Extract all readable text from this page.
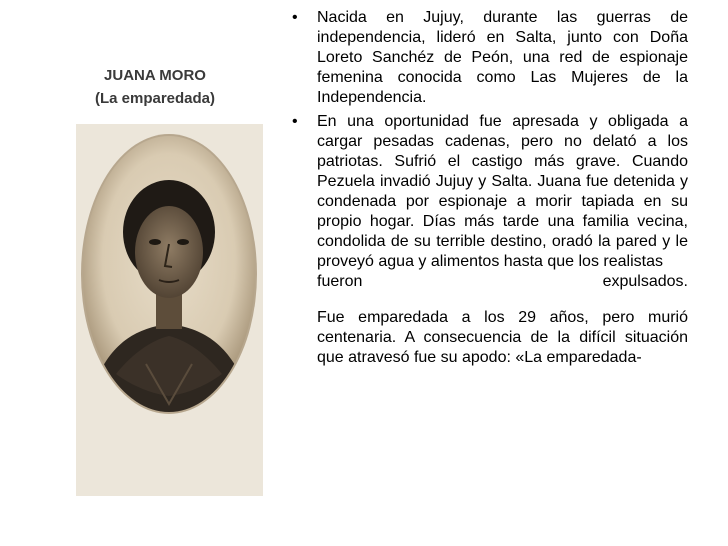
JUANA MORO
(La emparedada)
• Nacida en Jujuy, durante las guerras de independencia, lideró en Salta, junto con Doña Loreto Sanchéz de Peón, una red de espionaje femenina conocida como Las Mujeres de la Independencia.
• En una oportunidad fue apresada y obligada a cargar pesadas cadenas, pero no delató a los patriotas. Sufrió el castigo más grave. Cuando Pezuela invadió Jujuy y Salta. Juana fue detenida y condenada por espionaje a morir tapiada en su propio hogar. Días más tarde una familia vecina, condolida de su terrible destino, oradó la pared y le proveyó agua y alimentos hasta que los realistas
fueron	expulsados.
Fue emparedada a los 29 años, pero murió centenaria. A consecuencia de la difícil situación que atravesó fue su apodo: «La emparedada-
